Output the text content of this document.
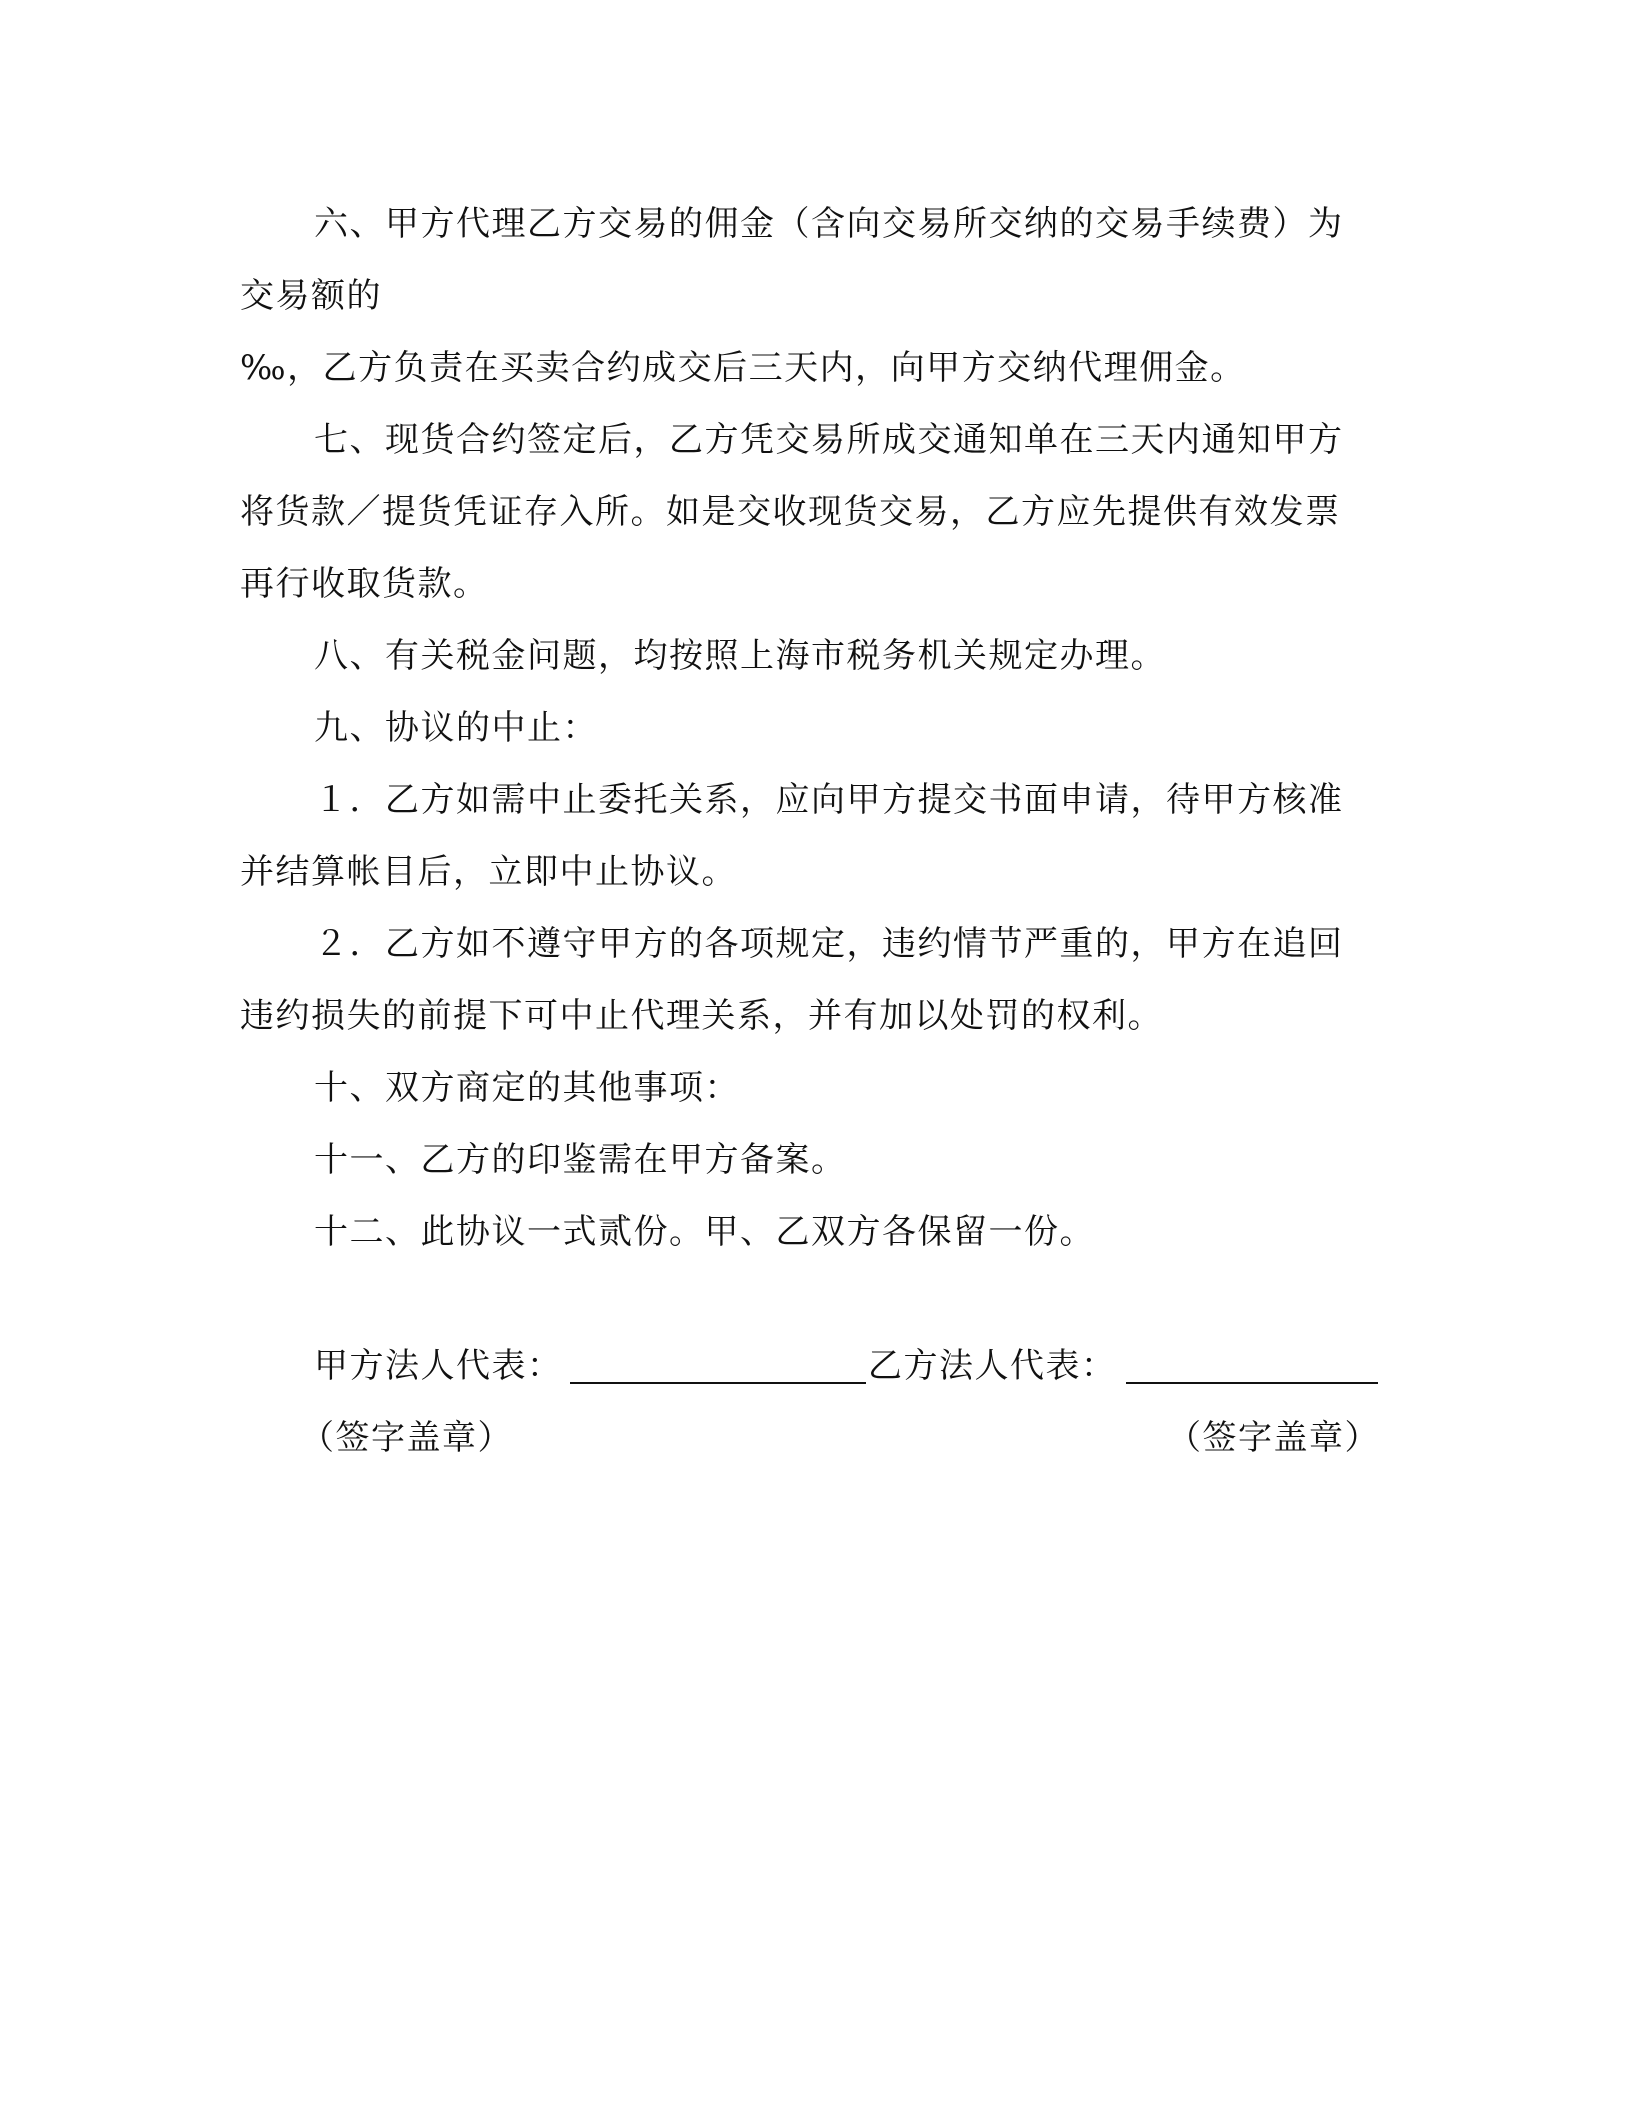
六、甲方代理乙方交易的佣金（含向交易所交纳的交易手续费）为
交易额的

‰，乙方负责在买卖合约成交后三天内，向甲方交纳代理佣金。

七、现货合约签定后，乙方凭交易所成交通知单在三天内通知甲方
将货款／提货凭证存入所。如是交收现货交易，乙方应先提供有效发票
再行收取货款。

八、有关税金问题，均按照上海市税务机关规定办理。

九、协议的中止：

１．乙方如需中止委托关系，应向甲方提交书面申请，待甲方核准
并结算帐目后，立即中止协议。

２．乙方如不遵守甲方的各项规定，违约情节严重的，甲方在追回
违约损失的前提下可中止代理关系，并有加以处罚的权利。

十、双方商定的其他事项：

十一、乙方的印鉴需在甲方备案。

十二、此协议一式贰份。甲、乙双方各保留一份。

甲方法人代表：	乙方法人代表：
（签字盖章）	（签字盖章）
